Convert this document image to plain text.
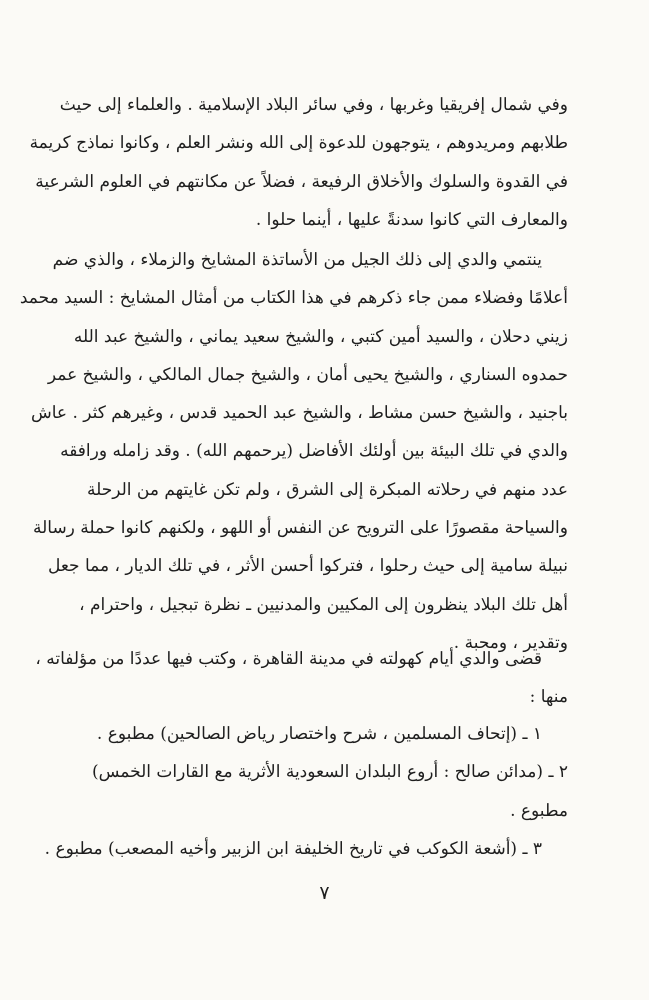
وفي شمال إفريقيا وغربها ، وفي سائر البلاد الإسلامية . والعلماء إلى حيث
طلابهم ومريدوهم ، يتوجهون للدعوة إلى الله ونشر العلم ، وكانوا نماذج كريمة
في القدوة والسلوك والأخلاق الرفيعة ، فضلاً عن مكانتهم في العلوم الشرعية
والمعارف التي كانوا سدنةً عليها ، أينما حلوا .
ينتمي والدي إلى ذلك الجيل من الأساتذة المشايخ والزملاء ، والذي ضم
أعلامًا وفضلاء ممن جاء ذكرهم في هذا الكتاب من أمثال المشايخ : السيد محمد
زيني دحلان ، والسيد أمين كتبي ، والشيخ سعيد يماني ، والشيخ عبد الله
حمدوه السناري ، والشيخ يحيى أمان ، والشيخ جمال المالكي ، والشيخ عمر
باجنيد ، والشيخ حسن مشاط ، والشيخ عبد الحميد قدس ، وغيرهم كثر . عاش
والدي في تلك البيئة بين أولئك الأفاضل (يرحمهم الله) . وقد زامله ورافقه
عدد منهم في رحلاته المبكرة إلى الشرق ، ولم تكن غايتهم من الرحلة
والسياحة مقصورًا على الترويح عن النفس أو اللهو ، ولكنهم كانوا حملة رسالة
نبيلة سامية إلى حيث رحلوا ، فتركوا أحسن الأثر ، في تلك الديار ، مما جعل
أهل تلك البلاد ينظرون إلى المكيين والمدنيين ـ نظرة تبجيل ، واحترام ،
وتقدير ، ومحبة .
قضى والدي أيام كهولته في مدينة القاهرة ، وكتب فيها عددًا من مؤلفاته ،
منها :
١ ـ (إتحاف المسلمين ، شرح واختصار رياض الصالحين) مطبوع .
٢ ـ (مدائن صالح : أروع البلدان السعودية الأثرية مع القارات الخمس)
مطبوع .
٣ ـ (أشعة الكوكب في تاريخ الخليفة ابن الزبير وأخيه المصعب) مطبوع .
٧
